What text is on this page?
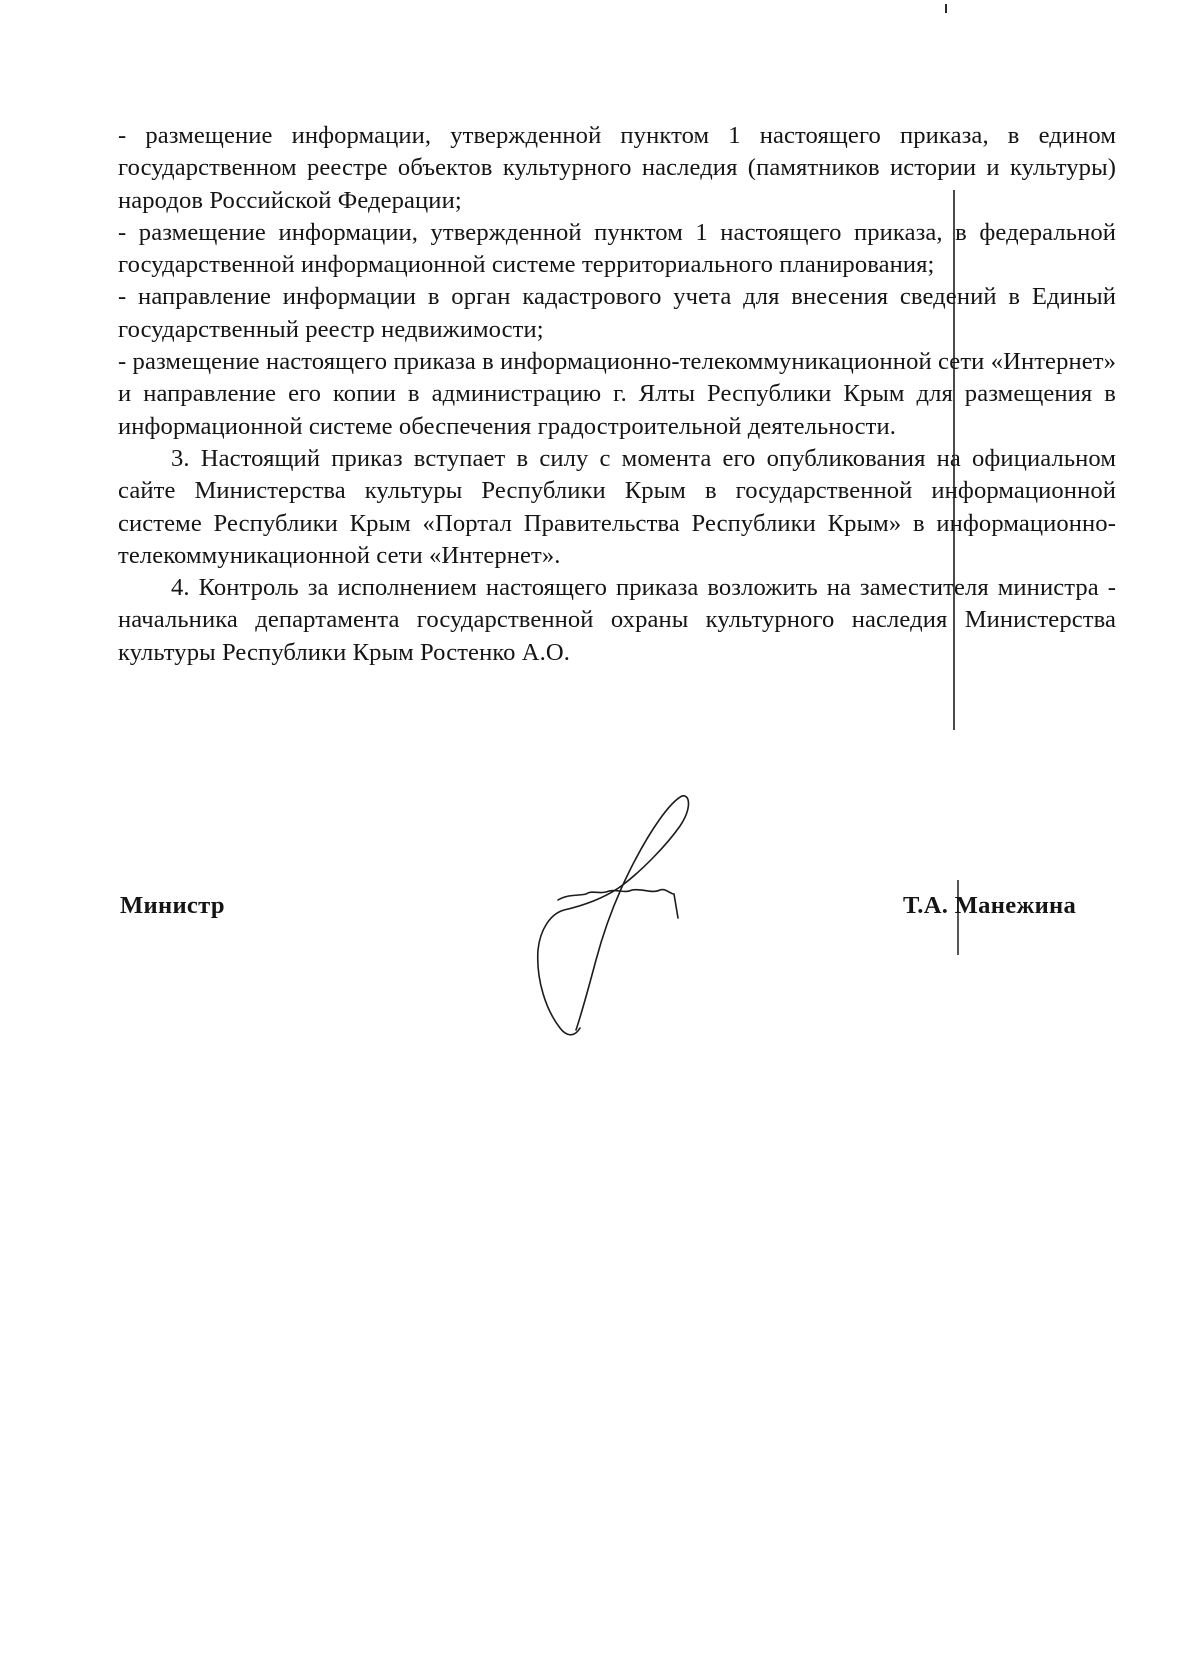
- размещение информации, утвержденной пунктом 1 настоящего приказа, в едином государственном реестре объектов культурного наследия (памятников истории и культуры) народов Российской Федерации;

- размещение информации, утвержденной пунктом 1 настоящего приказа, в федеральной государственной информационной системе территориального планирования;

- направление информации в орган кадастрового учета для внесения сведений в Единый государственный реестр недвижимости;

- размещение настоящего приказа в информационно-телекоммуникационной сети «Интернет» и направление его копии в администрацию г. Ялты Республики Крым для размещения в информационной системе обеспечения градостроительной деятельности.

3. Настоящий приказ вступает в силу с момента его опубликования на официальном сайте Министерства культуры Республики Крым в государственной информационной системе Республики Крым «Портал Правительства Республики Крым» в информационно-телекоммуникационной сети «Интернет».

4. Контроль за исполнением настоящего приказа возложить на заместителя министра - начальника департамента государственной охраны культурного наследия Министерства культуры Республики Крым Ростенко А.О.

Министр	Т.А. Манежина
